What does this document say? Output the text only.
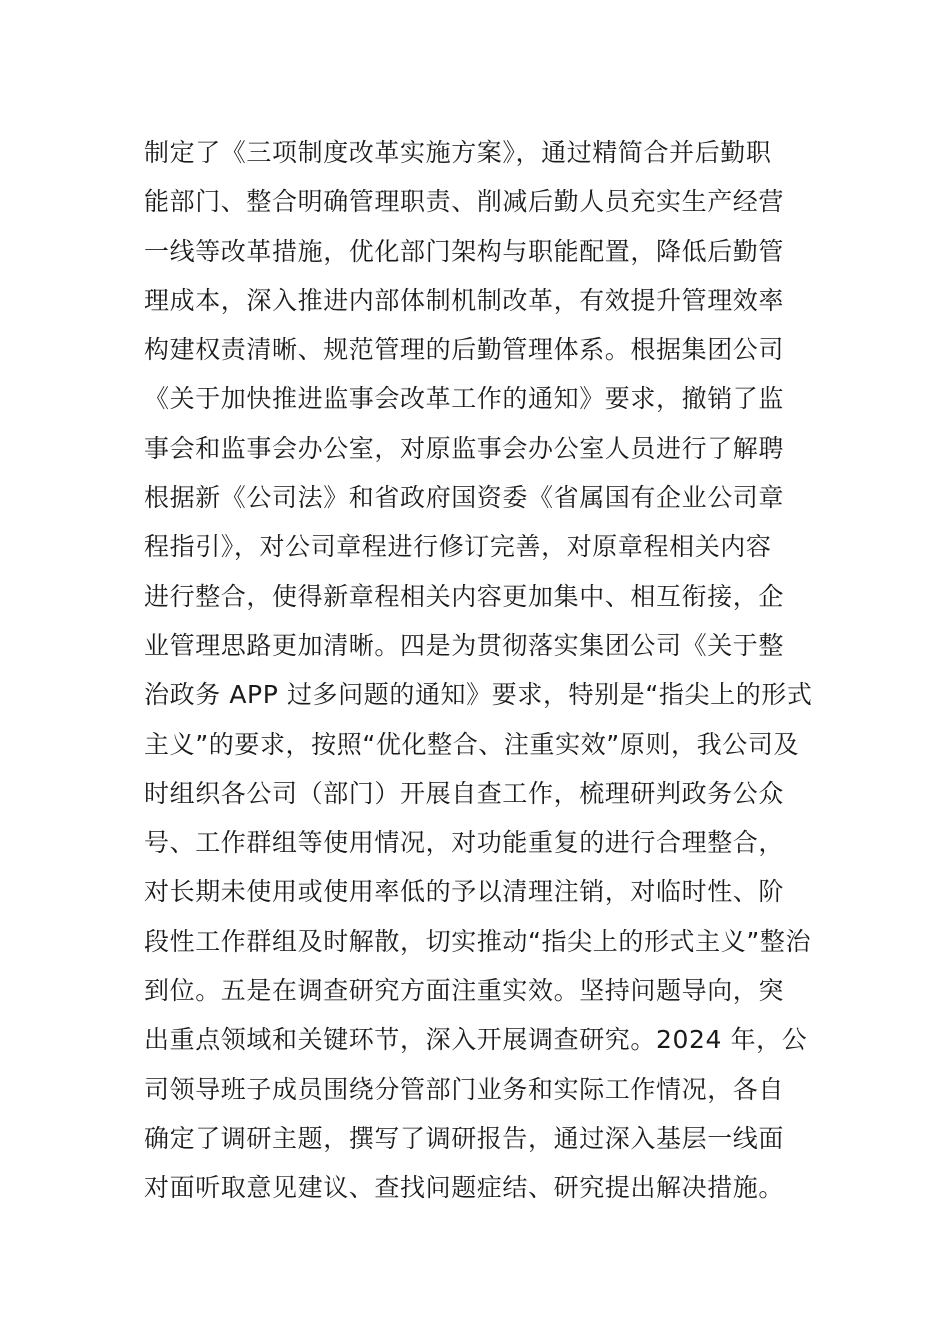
制定了《三项制度改革实施方案》，通过精简合并后勤职
能部门、整合明确管理职责、削减后勤人员充实生产经营
一线等改革措施，优化部门架构与职能配置，降低后勤管
理成本，深入推进内部体制机制改革，有效提升管理效率
构建权责清晰、规范管理的后勤管理体系。根据集团公司
《关于加快推进监事会改革工作的通知》要求，撤销了监
事会和监事会办公室，对原监事会办公室人员进行了解聘
根据新《公司法》和省政府国资委《省属国有企业公司章
程指引》，对公司章程进行修订完善，对原章程相关内容
进行整合，使得新章程相关内容更加集中、相互衔接，企
业管理思路更加清晰。四是为贯彻落实集团公司《关于整
治政务 APP 过多问题的通知》要求，特别是“指尖上的形式
主义”的要求，按照“优化整合、注重实效”原则，我公司及
时组织各公司（部门）开展自查工作，梳理研判政务公众
号、工作群组等使用情况，对功能重复的进行合理整合，
对长期未使用或使用率低的予以清理注销，对临时性、阶
段性工作群组及时解散，切实推动“指尖上的形式主义”整治
到位。五是在调查研究方面注重实效。坚持问题导向，突
出重点领域和关键环节，深入开展调查研究。2024 年，公
司领导班子成员围绕分管部门业务和实际工作情况，各自
确定了调研主题，撰写了调研报告，通过深入基层一线面
对面听取意见建议、查找问题症结、研究提出解决措施。
